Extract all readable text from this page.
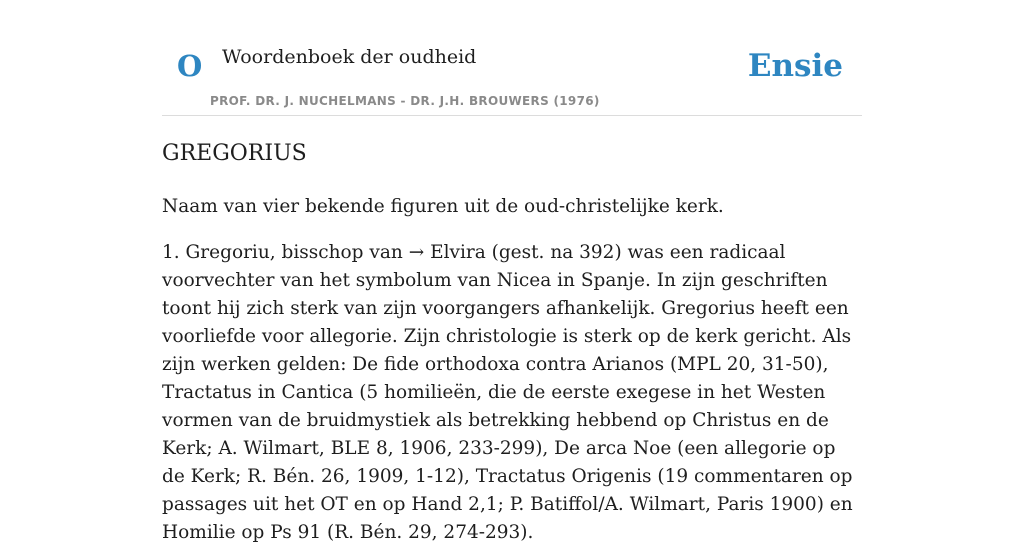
O Woordenboek der oudheid
PROF. DR. J. NUCHELMANS - DR. J.H. BROUWERS (1976)
Ensie
GREGORIUS

Naam van vier bekende figuren uit de oud-christelijke kerk.

1. Gregoriu, bisschop van → Elvira (gest. na 392) was een radicaal voorvechter van het symbolum van Nicea in Spanje. In zijn geschriften toont hij zich sterk van zijn voorgangers afhankelijk. Gregorius heeft een voorliefde voor allegorie. Zijn christologie is sterk op de kerk gericht. Als zijn werken gelden: De fide orthodoxa contra Arianos (MPL 20, 31-50), Tractatus in Cantica (5 homilieën, die de eerste exegese in het Westen vormen van de bruidmystiek als betrekking hebbend op Christus en de Kerk; A. Wilmart, BLE 8, 1906, 233-299), De arca Noe (een allegorie op de Kerk; R. Bén. 26, 1909, 1-12), Tractatus Origenis (19 commentaren op passages uit het OT en op Hand 2,1; P. Batiffol/A. Wilmart, Paris 1900) en Homilie op Ps 91 (R. Bén. 29, 274-293).
